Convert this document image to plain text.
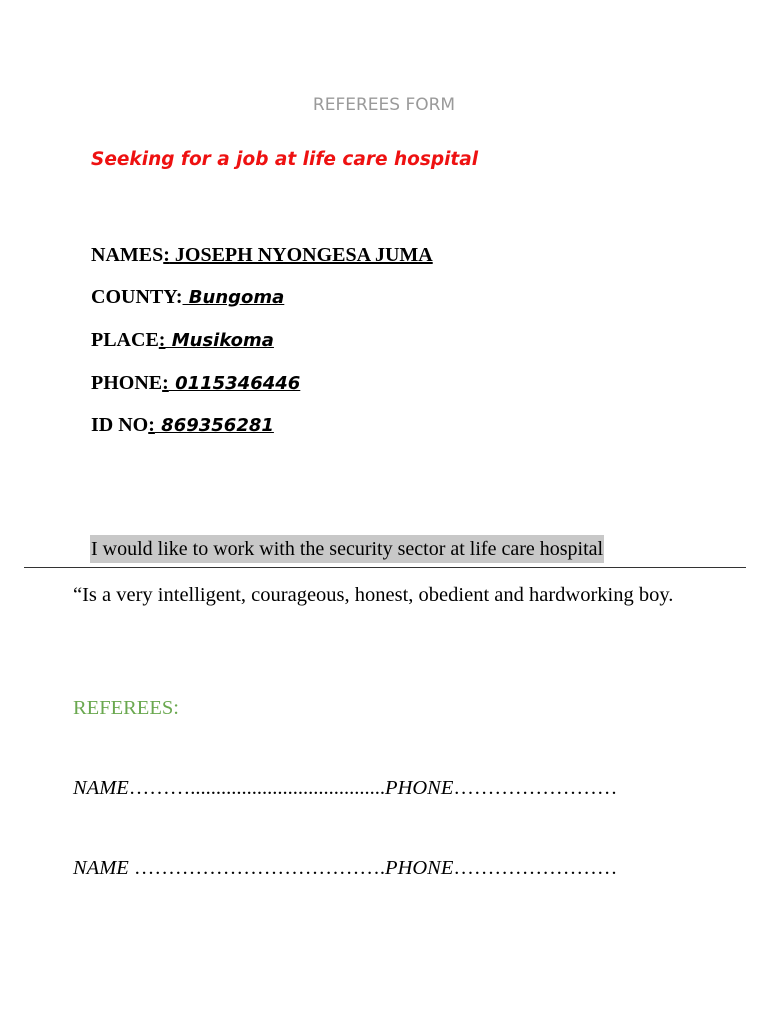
REFEREES FORM
Seeking for a job at life care hospital
NAMES: JOSEPH NYONGESA JUMA
COUNTY: Bungoma
PLACE: Musikoma
PHONE: 0115346446
ID NO: 869356281
I would like to work with the security sector at life care hospital
“Is a very intelligent, courageous, honest, obedient and hardworking boy.
REFEREES:
NAME………......................................PHONE……………………
NAME ……………………………….PHONE……………………
